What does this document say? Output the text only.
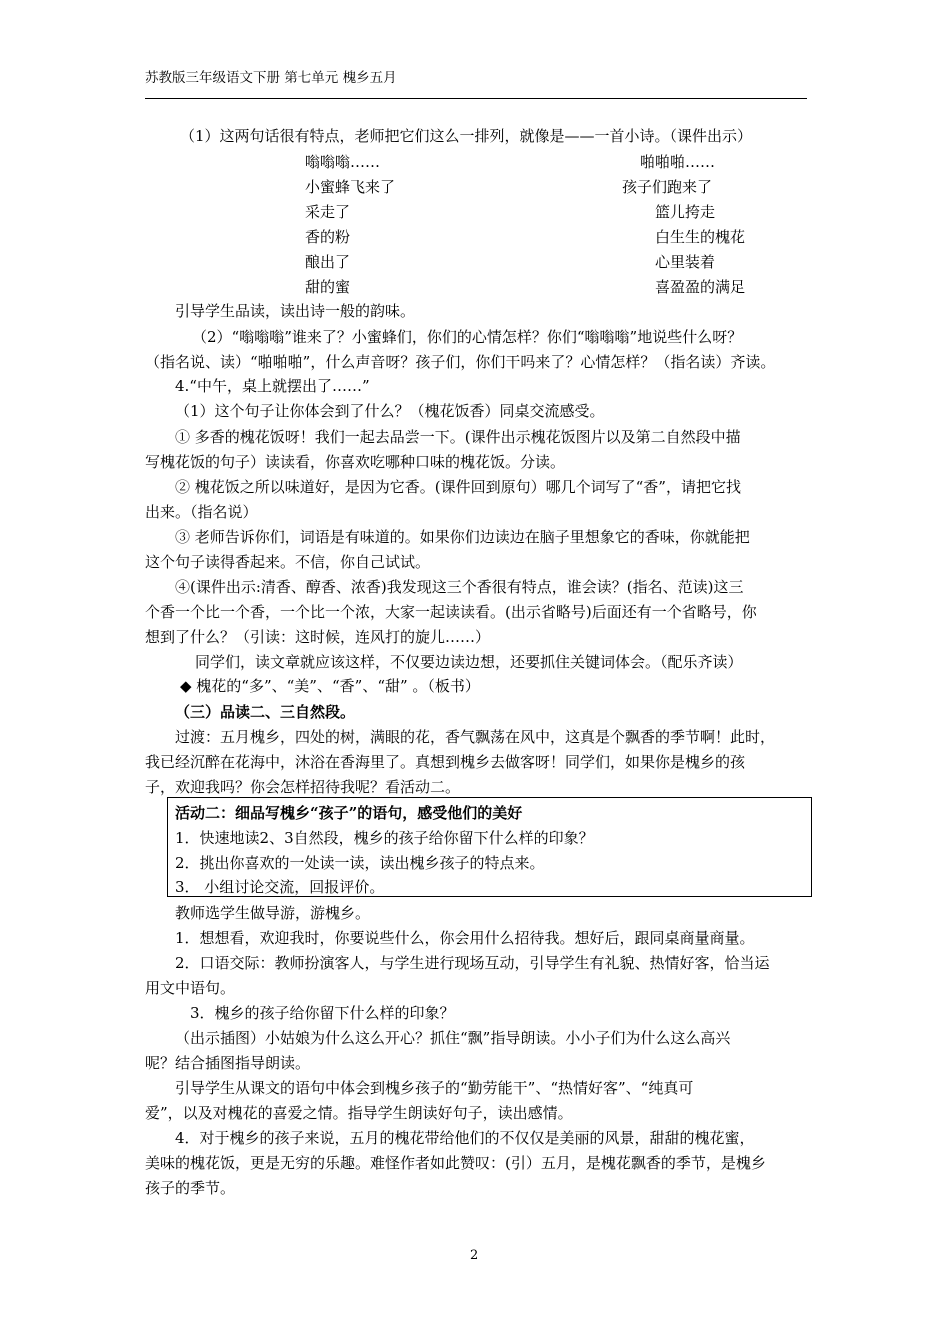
苏教版三年级语文下册 第七单元 槐乡五月
（1）这两句话很有特点，老师把它们这么一排列，就像是——一首小诗。（课件出示）
嗡嗡嗡……	啪啪啪……
小蜜蜂飞来了	孩子们跑来了
采走了	篮儿挎走
香的粉	白生生的槐花
酿出了	心里装着
甜的蜜	喜盈盈的满足
引导学生品读，读出诗一般的韵味。
（2）“嗡嗡嗡”谁来了？小蜜蜂们，你们的心情怎样？你们“嗡嗡嗡”地说些什么呀？
（指名说、读）“啪啪啪”，什么声音呀？孩子们，你们干吗来了？心情怎样？（指名读）齐读。
4.“中午，桌上就摆出了……”
（1）这个句子让你体会到了什么？（槐花饭香）同桌交流感受。
① 多香的槐花饭呀！我们一起去品尝一下。(课件出示槐花饭图片以及第二自然段中描
写槐花饭的句子）读读看，你喜欢吃哪种口味的槐花饭。分读。
② 槐花饭之所以味道好，是因为它香。(课件回到原句）哪几个词写了“香”，请把它找
出来。（指名说）
③ 老师告诉你们，词语是有味道的。如果你们边读边在脑子里想象它的香味，你就能把
这个句子读得香起来。不信，你自己试试。
④(课件出示:清香、醇香、浓香)我发现这三个香很有特点，谁会读？(指名、范读)这三
个香一个比一个香，一个比一个浓，大家一起读读看。(出示省略号)后面还有一个省略号，你
想到了什么？（引读：这时候，连风打的旋儿……）
同学们，读文章就应该这样，不仅要边读边想，还要抓住关键词体会。（配乐齐读）
◆ 槐花的“多”、“美”、“香”、“甜” 。（板书）
（三）品读二、三自然段。
过渡：五月槐乡，四处的树，满眼的花，香气飘荡在风中，这真是个飘香的季节啊！此时，
我已经沉醉在花海中，沐浴在香海里了。真想到槐乡去做客呀！同学们，如果你是槐乡的孩
子，欢迎我吗？你会怎样招待我呢？看活动二。
活动二：细品写槐乡“孩子”的语句，感受他们的美好
1．快速地读2、3自然段，槐乡的孩子给你留下什么样的印象？
2．挑出你喜欢的一处读一读，读出槐乡孩子的特点来。
3． 小组讨论交流，回报评价。
教师选学生做导游，游槐乡。
1．想想看，欢迎我时，你要说些什么，你会用什么招待我。想好后，跟同桌商量商量。
2．口语交际：教师扮演客人，与学生进行现场互动，引导学生有礼貌、热情好客，恰当运
用文中语句。
3．槐乡的孩子给你留下什么样的印象？
（出示插图）小姑娘为什么这么开心？抓住“飘”指导朗读。小小子们为什么这么高兴
呢？结合插图指导朗读。
引导学生从课文的语句中体会到槐乡孩子的“勤劳能干”、“热情好客”、“纯真可
爱”，以及对槐花的喜爱之情。指导学生朗读好句子，读出感情。
4．对于槐乡的孩子来说，五月的槐花带给他们的不仅仅是美丽的风景，甜甜的槐花蜜，
美味的槐花饭，更是无穷的乐趣。难怪作者如此赞叹：(引）五月，是槐花飘香的季节，是槐乡
孩子的季节。
2
